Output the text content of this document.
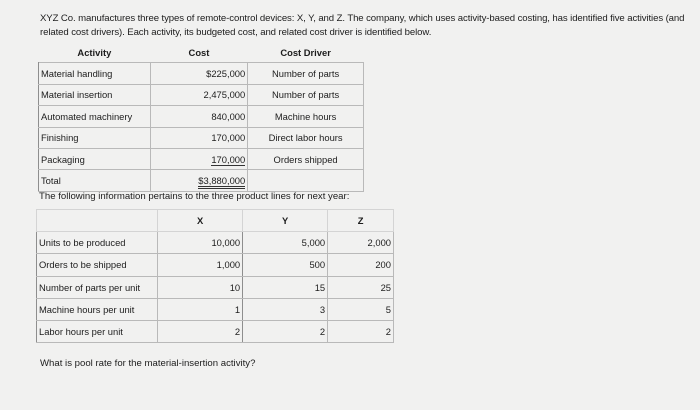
XYZ Co. manufactures three types of remote-control devices: X, Y, and Z. The company, which uses activity-based costing, has identified five activities (and related cost drivers). Each activity, its budgeted cost, and related cost driver is identified below.
Activity	Cost	Cost Driver
Material handling	$225,000	Number of parts
Material insertion	2,475,000	Number of parts
Automated machinery	840,000	Machine hours
Finishing	170,000	Direct labor hours
Packaging	170,000	Orders shipped
Total	$3,880,000	
The following information pertains to the three product lines for next year:
	X	Y	Z
Units to be produced	10,000	5,000	2,000
Orders to be shipped	1,000	500	200
Number of parts per unit	10	15	25
Machine hours per unit	1	3	5
Labor hours per unit	2	2	2
What is pool rate for the material-insertion activity?
